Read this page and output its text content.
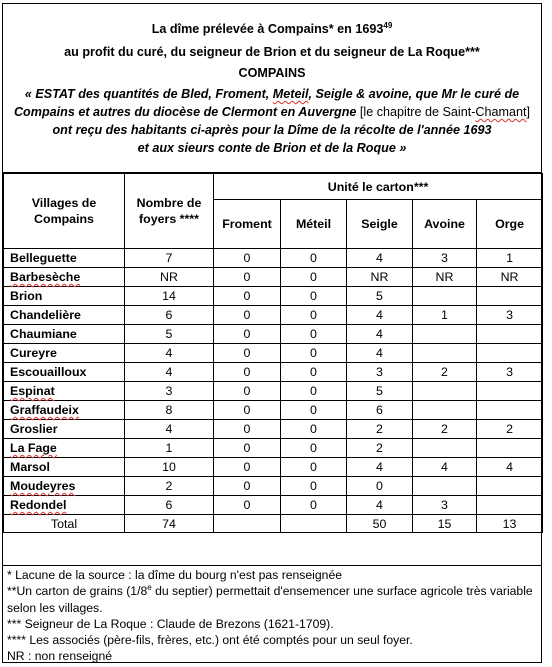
La dîme prélevée à Compains* en 1693$^{49}$
au profit du curé, du seigneur de Brion et du seigneur de La Roque***
COMPAINS
« ESTAT des quantités de Bled, Froment, Meteil, Seigle & avoine, que Mr le curé de
Compains et autres du diocèse de Clermont en Auvergne [le chapitre de Saint-Chamant]
ont reçu des habitants ci-après pour la Dîme de la récolte de l'année 1693
et aux sieurs conte de Brion et de la Roque »
Villages de Compains	Nombre de foyers ****	Unité le carton***				
		Froment	Méteil	Seigle	Avoine	Orge
Belleguette	7	0	0	4	3	1
Barbesèche	NR	0	0	NR	NR	NR
Brion	14	0	0	5		
Chandelière	6	0	0	4	1	3
Chaumiane	5	0	0	4		
Cureyre	4	0	0	4		
Escouailloux	4	0	0	3	2	3
Espinat	3	0	0	5		
Graffaudeix	8	0	0	6		
Groslier	4	0	0	2	2	2
La Fage	1	0	0	2		
Marsol	10	0	0	4	4	4
Moudeyres	2	0	0	0		
Redondel	6	0	0	4	3	
Total	74			50	15	13
* Lacune de la source : la dîme du bourg n'est pas renseignée
**Un carton de grains (1/8e du septier) permettait d'ensemencer une surface agricole très variable selon les villages.
*** Seigneur de La Roque : Claude de Brezons (1621-1709).
**** Les associés (père-fils, frères, etc.) ont été comptés pour un seul foyer.
NR : non renseigné
